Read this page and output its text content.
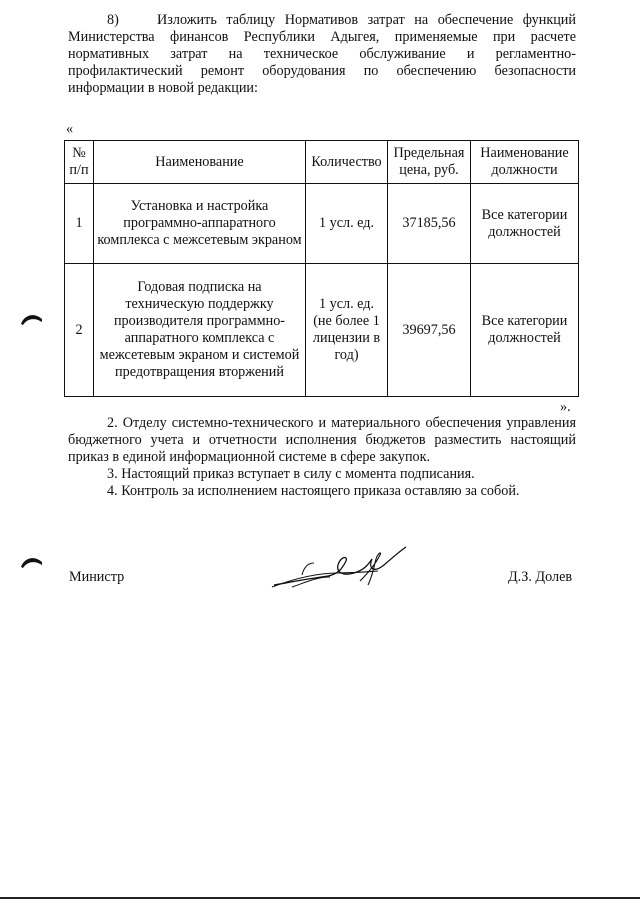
8)    Изложить таблицу Нормативов затрат на обеспечение функций Министерства финансов Республики Адыгея, применяемые при расчете нормативных затрат на техническое обслуживание и регламентно-профилактический ремонт оборудования по обеспечению безопасности информации в новой редакции:

«
№ п/п	Наименование	Количество	Предельная цена, руб.	Наименование должности
1	Установка и настройка программно-аппаратного комплекса с межсетевым экраном	1 усл. ед.	37185,56	Все категории должностей
2	Годовая подписка на техническую поддержку производителя программно-аппаратного комплекса с межсетевым экраном и системой предотвращения вторжений	1 усл. ед. (не более 1 лицензии в год)	39697,56	Все категории должностей
».

2. Отделу системно-технического и материального обеспечения управления бюджетного учета и отчетности исполнения бюджетов разместить настоящий приказ в единой информационной системе в сфере закупок.

3. Настоящий приказ вступает в силу с момента подписания.

4. Контроль за исполнением настоящего приказа оставляю за собой.

Министр	Д.З. Долев
